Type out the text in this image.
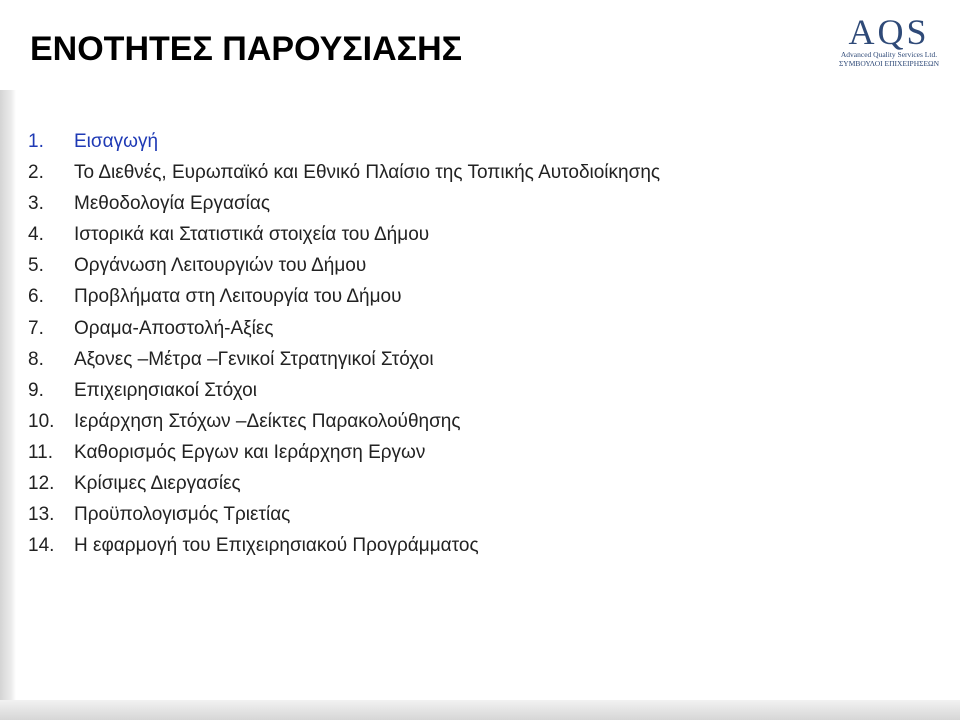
ΕΝΟΤΗΤΕΣ ΠΑΡΟΥΣΙΑΣΗΣ	AQS
Advanced Quality Services Ltd.
ΣΥΜΒΟΥΛΟΙ ΕΠΙΧΕΙΡΗΣΕΩΝ
1. Εισαγωγή
2. Το Διεθνές, Ευρωπαϊκό και Εθνικό Πλαίσιο της Τοπικής Αυτοδιοίκησης
3. Μεθοδολογία Εργασίας
4. Ιστορικά και Στατιστικά στοιχεία του Δήμου
5. Οργάνωση Λειτουργιών του Δήμου
6. Προβλήματα στη Λειτουργία του Δήμου
7. Οραμα-Αποστολή-Αξίες
8. Αξονες –Μέτρα –Γενικοί Στρατηγικοί Στόχοι
9. Επιχειρησιακοί Στόχοι
10. Ιεράρχηση Στόχων –Δείκτες Παρακολούθησης
11. Καθορισμός Εργων και Ιεράρχηση Εργων
12. Κρίσιμες Διεργασίες
13. Προϋπολογισμός Τριετίας
14. Η εφαρμογή του Επιχειρησιακού Προγράμματος
